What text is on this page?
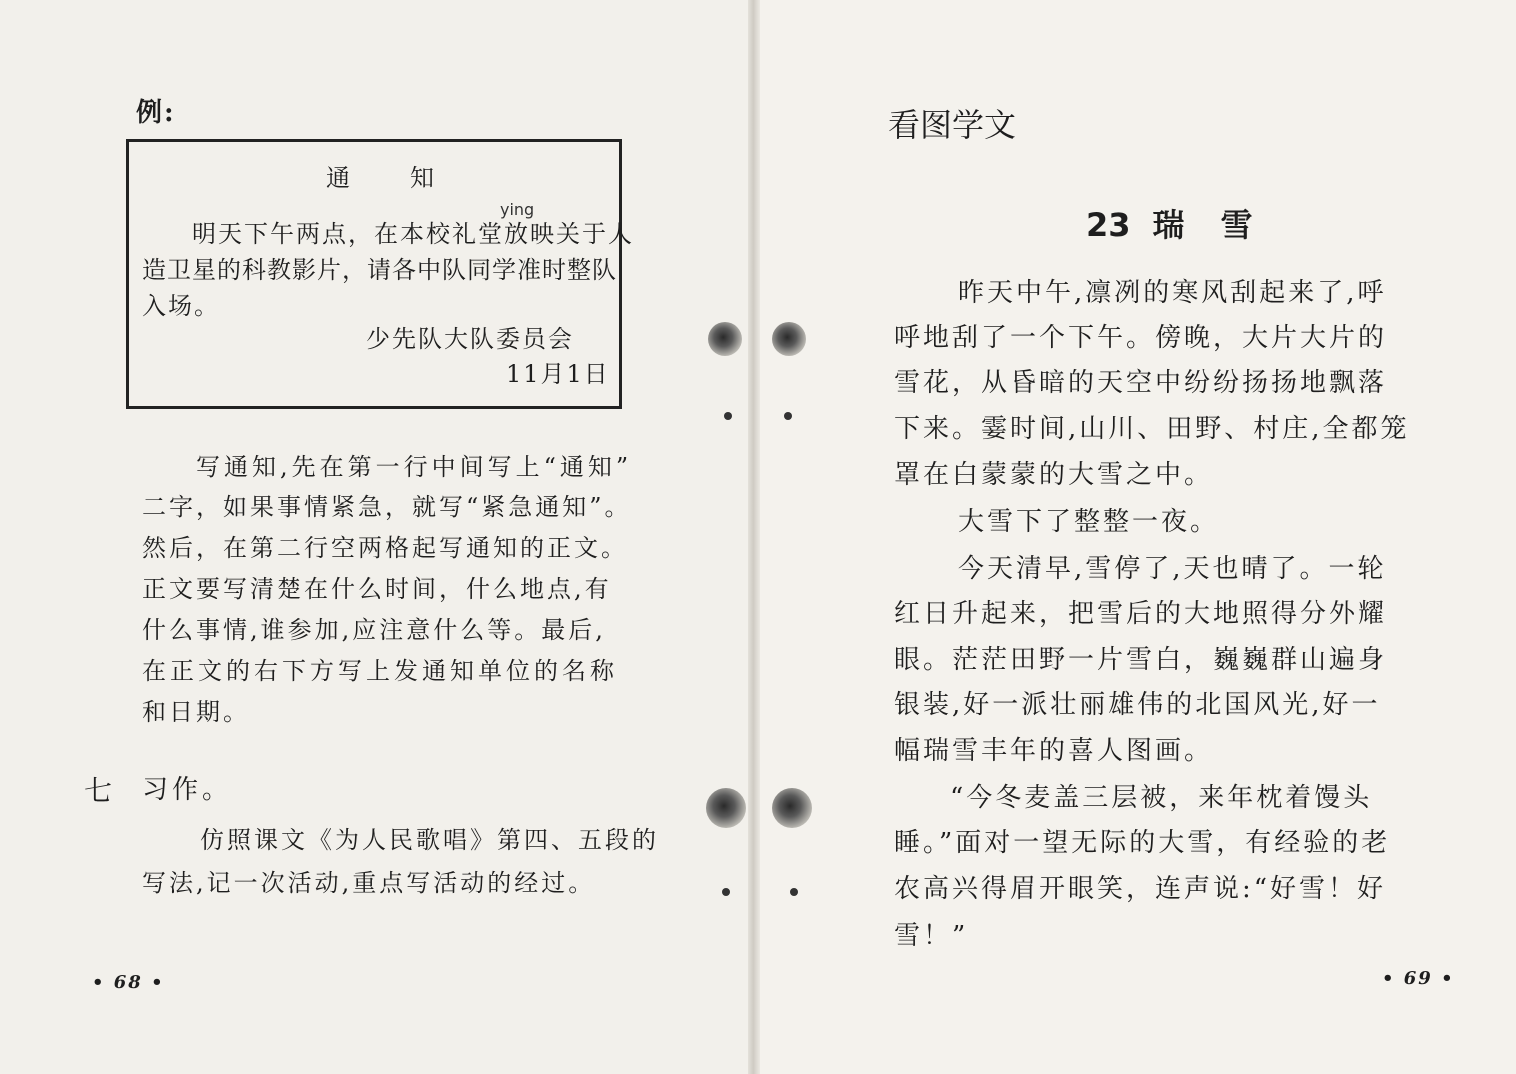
例:
通　　知
ying
明天下午两点，在本校礼堂放映关于人
造卫星的科教影片，请各中队同学准时整队
入场。
少先队大队委员会
11月1日
写通知,先在第一行中间写上“通知”
二字，如果事情紧急，就写“紧急通知”。
然后，在第二行空两格起写通知的正文。
正文要写清楚在什么时间，什么地点,有
什么事情,谁参加,应注意什么等。最后,
在正文的右下方写上发通知单位的名称
和日期。
七 习作。
仿照课文《为人民歌唱》第四、五段的
写法,记一次活动,重点写活动的经过。
• 68 •
看图学文
23 瑞雪
昨天中午,凛冽的寒风刮起来了,呼
呼地刮了一个下午。傍晚，大片大片的
雪花，从昏暗的天空中纷纷扬扬地飘落
下来。霎时间,山川、田野、村庄,全都笼
罩在白蒙蒙的大雪之中。
大雪下了整整一夜。
今天清早,雪停了,天也晴了。一轮
红日升起来，把雪后的大地照得分外耀
眼。茫茫田野一片雪白，巍巍群山遍身
银装,好一派壮丽雄伟的北国风光,好一
幅瑞雪丰年的喜人图画。
“今冬麦盖三层被，来年枕着馒头
睡。”面对一望无际的大雪，有经验的老
农高兴得眉开眼笑，连声说:“好雪！好
雪！”
• 69 •
